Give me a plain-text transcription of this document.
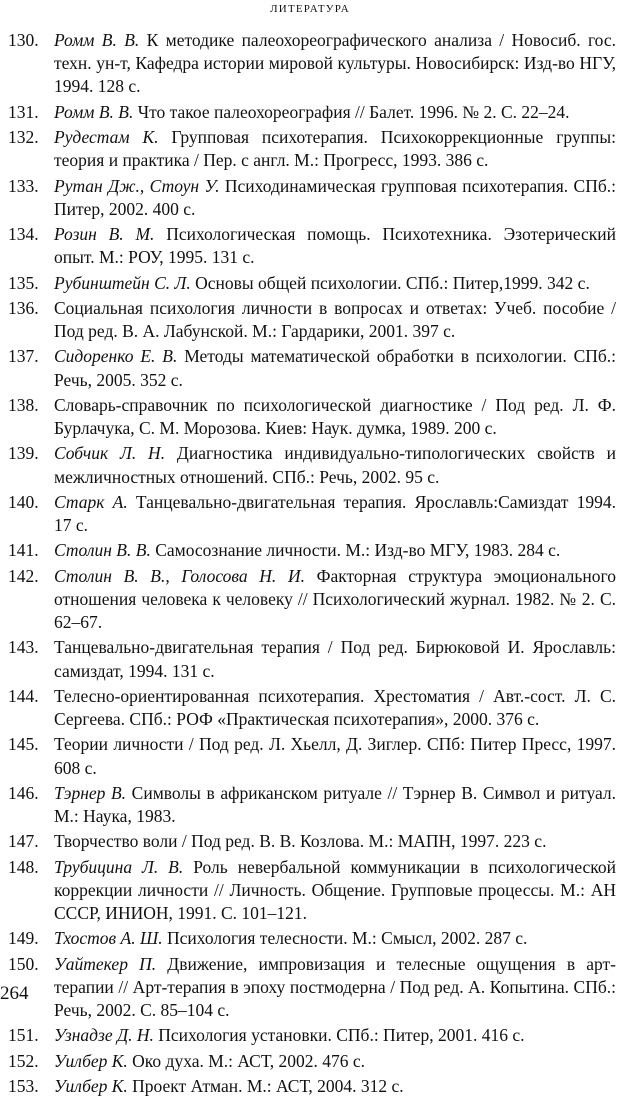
ЛИТЕРАТУРА
130. Ромм В. В. К методике палеохореографического анализа / Новосиб. гос. техн. ун-т, Кафедра истории мировой культуры. Новосибирск: Изд-во НГУ, 1994. 128 с.
131. Ромм В. В. Что такое палеохореография // Балет. 1996. № 2. С. 22–24.
132. Рудестам К. Групповая психотерапия. Психокоррекционные группы: теория и практика / Пер. с англ. М.: Прогресс, 1993. 386 с.
133. Рутан Дж., Стоун У. Психодинамическая групповая психотерапия. СПб.: Питер, 2002. 400 с.
134. Розин В. М. Психологическая помощь. Психотехника. Эзотерический опыт. М.: РОУ, 1995. 131 с.
135. Рубинштейн С. Л. Основы общей психологии. СПб.: Питер,1999. 342 с.
136. Социальная психология личности в вопросах и ответах: Учеб. пособие / Под ред. В. А. Лабунской. М.: Гардарики, 2001. 397 с.
137. Сидоренко Е. В. Методы математической обработки в психологии. СПб.: Речь, 2005. 352 с.
138. Словарь-справочник по психологической диагностике / Под ред. Л. Ф. Бурлачука, С. М. Морозова. Киев: Наук. думка, 1989. 200 с.
139. Собчик Л. Н. Диагностика индивидуально-типологических свойств и межличностных отношений. СПб.: Речь, 2002. 95 с.
140. Старк А. Танцевально-двигательная терапия. Ярославль:Самиздат 1994. 17 с.
141. Столин В. В. Самосознание личности. М.: Изд-во МГУ, 1983. 284 с.
142. Столин В. В., Голосова Н. И. Факторная структура эмоционального отношения человека к человеку // Психологический журнал. 1982. № 2. С. 62–67.
143. Танцевально-двигательная терапия / Под ред. Бирюковой И. Ярославль: самиздат, 1994. 131 с.
144. Телесно-ориентированная психотерапия. Хрестоматия / Авт.-сост. Л. С. Сергеева. СПб.: РОФ «Практическая психотерапия», 2000. 376 с.
145. Теории личности / Под ред. Л. Хьелл, Д. Зиглер. СПб: Питер Пресс, 1997. 608 с.
146. Тэрнер В. Символы в африканском ритуале // Тэрнер В. Символ и ритуал. М.: Наука, 1983.
147. Творчество воли / Под ред. В. В. Козлова. М.: МАПН, 1997. 223 с.
148. Трубицина Л. В. Роль невербальной коммуникации в психологической коррекции личности // Личность. Общение. Групповые процессы. М.: АН СССР, ИНИОН, 1991. С. 101–121.
149. Тхостов А. Ш. Психология телесности. М.: Смысл, 2002. 287 с.
150. Уайтекер П. Движение, импровизация и телесные ощущения в арт-терапии // Арт-терапия в эпоху постмодерна / Под ред. А. Копытина. СПб.: Речь, 2002. С. 85–104 с.
151. Узнадзе Д. Н. Психология установки. СПб.: Питер, 2001. 416 с.
152. Уилбер К. Око духа. М.: АСТ, 2002. 476 с.
153. Уилбер К. Проект Атман. М.: АСТ, 2004. 312 с.
264
